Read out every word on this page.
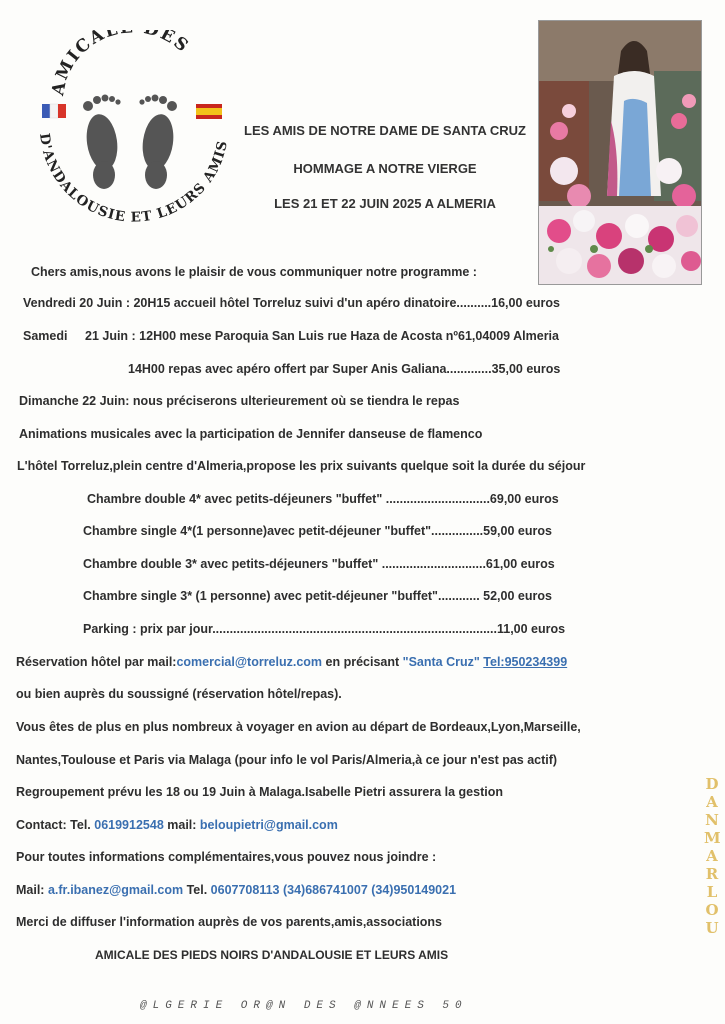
AMICAL DES
D'ANDALOUSIE ET LEURS AMIS
LES AMIS DE NOTRE DAME DE SANTA CRUZ
HOMMAGE A NOTRE VIERGE
LES 21 ET 22 JUIN 2025 A ALMERIA
Chers amis,nous avons le plaisir de vous communiquer notre programme :
Vendredi 20 Juin : 20H15 accueil hôtel Torreluz suivi d'un apéro dinatoire..........16,00 euros
Samedi 21 Juin : 12H00 mese Paroquia San Luis rue Haza de Acosta nº61,04009 Almeria
14H00 repas avec apéro offert par Super Anis Galiana.............35,00 euros
Dimanche 22 Juin: nous préciserons ulterieurement où se tiendra le repas
Animations musicales avec la participation de Jennifer danseuse de flamenco
L'hôtel Torreluz,plein centre d'Almeria,propose les prix suivants quelque soit la durée du séjour
Chambre double 4* avec petits-déjeuners "buffet" ..............................69,00 euros
Chambre single 4*(1 personne)avec petit-déjeuner "buffet"...............59,00 euros
Chambre double 3* avec petits-déjeuners "buffet" ..............................61,00 euros
Chambre single 3* (1 personne) avec petit-déjeuner "buffet"............ 52,00 euros
Parking : prix par jour..................................................................................11,00 euros
Réservation hôtel par mail:comercial@torreluz.com en précisant "Santa Cruz" Tel:950234399
ou bien auprès du soussigné (réservation hôtel/repas).
Vous êtes de plus en plus nombreux à voyager en avion au départ de Bordeaux,Lyon,Marseille,
Nantes,Toulouse et Paris via Malaga (pour info le vol Paris/Almeria,à ce jour n'est pas actif)
Regroupement prévu les 18 ou 19 Juin à Malaga.Isabelle Pietri assurera la gestion
Contact: Tel. 0619912548 mail: beloupietri@gmail.com
Pour toutes informations complémentaires,vous pouvez nous joindre :
Mail: a.fr.ibanez@gmail.com Tel. 0607708113 (34)686741007 (34)950149021
Merci de diffuser l'information auprès de vos parents,amis,associations
AMICALE DES PIEDS NOIRS D'ANDALOUSIE ET LEURS AMIS
D
A
N
M
A
R
L
O
U
@LGERIE OR@N DES @NNEES 50
